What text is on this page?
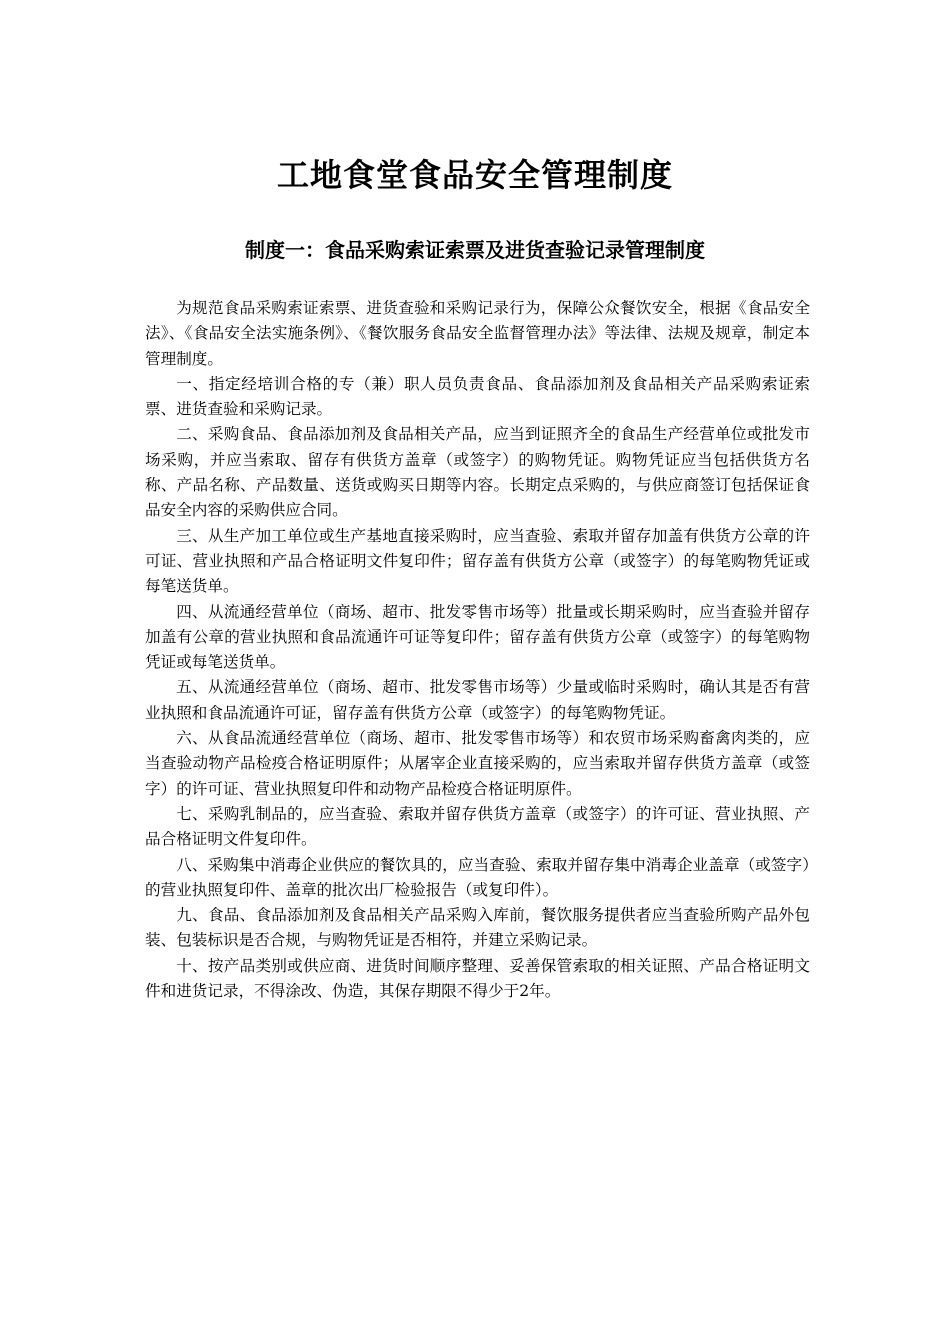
工地食堂食品安全管理制度
制度一：食品采购索证索票及进货查验记录管理制度

为规范食品采购索证索票、进货查验和采购记录行为，保障公众餐饮安全，根据《食品安全法》、《食品安全法实施条例》、《餐饮服务食品安全监督管理办法》等法律、法规及规章，制定本管理制度。

一、指定经培训合格的专（兼）职人员负责食品、食品添加剂及食品相关产品采购索证索票、进货查验和采购记录。

二、采购食品、食品添加剂及食品相关产品，应当到证照齐全的食品生产经营单位或批发市场采购，并应当索取、留存有供货方盖章（或签字）的购物凭证。购物凭证应当包括供货方名称、产品名称、产品数量、送货或购买日期等内容。长期定点采购的，与供应商签订包括保证食品安全内容的采购供应合同。

三、从生产加工单位或生产基地直接采购时，应当查验、索取并留存加盖有供货方公章的许可证、营业执照和产品合格证明文件复印件；留存盖有供货方公章（或签字）的每笔购物凭证或每笔送货单。

四、从流通经营单位（商场、超市、批发零售市场等）批量或长期采购时，应当查验并留存加盖有公章的营业执照和食品流通许可证等复印件；留存盖有供货方公章（或签字）的每笔购物凭证或每笔送货单。

五、从流通经营单位（商场、超市、批发零售市场等）少量或临时采购时，确认其是否有营业执照和食品流通许可证，留存盖有供货方公章（或签字）的每笔购物凭证。

六、从食品流通经营单位（商场、超市、批发零售市场等）和农贸市场采购畜禽肉类的，应当查验动物产品检疫合格证明原件；从屠宰企业直接采购的，应当索取并留存供货方盖章（或签字）的许可证、营业执照复印件和动物产品检疫合格证明原件。

七、采购乳制品的，应当查验、索取并留存供货方盖章（或签字）的许可证、营业执照、产品合格证明文件复印件。

八、采购集中消毒企业供应的餐饮具的，应当查验、索取并留存集中消毒企业盖章（或签字）的营业执照复印件、盖章的批次出厂检验报告（或复印件）。

九、食品、食品添加剂及食品相关产品采购入库前，餐饮服务提供者应当查验所购产品外包装、包装标识是否合规，与购物凭证是否相符，并建立采购记录。

十、按产品类别或供应商、进货时间顺序整理、妥善保管索取的相关证照、产品合格证明文件和进货记录，不得涂改、伪造，其保存期限不得少于2年。
